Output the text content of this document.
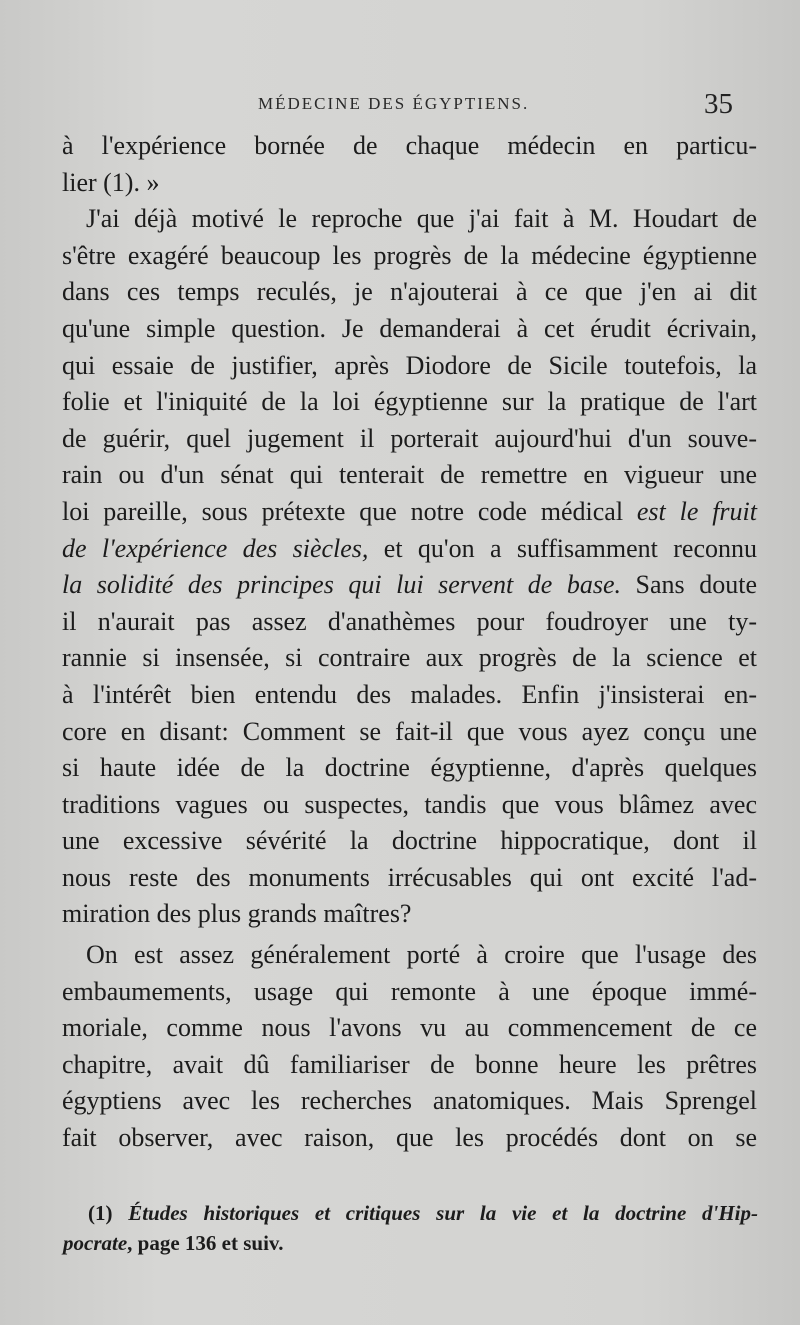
MÉDECINE DES ÉGYPTIENS.	35
à l'expérience bornée de chaque médecin en particu-
lier (1). »
J'ai déjà motivé le reproche que j'ai fait à M. Houdart de
s'être exagéré beaucoup les progrès de la médecine égyptienne
dans ces temps reculés, je n'ajouterai à ce que j'en ai dit
qu'une simple question. Je demanderai à cet érudit écrivain,
qui essaie de justifier, après Diodore de Sicile toutefois, la
folie et l'iniquité de la loi égyptienne sur la pratique de l'art
de guérir, quel jugement il porterait aujourd'hui d'un souve-
rain ou d'un sénat qui tenterait de remettre en vigueur une
loi pareille, sous prétexte que notre code médical est le fruit
de l'expérience des siècles, et qu'on a suffisamment reconnu
la solidité des principes qui lui servent de base. Sans doute
il n'aurait pas assez d'anathèmes pour foudroyer une ty-
rannie si insensée, si contraire aux progrès de la science et
à l'intérêt bien entendu des malades. Enfin j'insisterai en-
core en disant: Comment se fait-il que vous ayez conçu une
si haute idée de la doctrine égyptienne, d'après quelques
traditions vagues ou suspectes, tandis que vous blâmez avec
une excessive sévérité la doctrine hippocratique, dont il
nous reste des monuments irrécusables qui ont excité l'ad-
miration des plus grands maîtres?
On est assez généralement porté à croire que l'usage des
embaumements, usage qui remonte à une époque immé-
moriale, comme nous l'avons vu au commencement de ce
chapitre, avait dû familiariser de bonne heure les prêtres
égyptiens avec les recherches anatomiques. Mais Sprengel
fait observer, avec raison, que les procédés dont on se
(1) Études historiques et critiques sur la vie et la doctrine d'Hip-
pocrate, page 136 et suiv.
